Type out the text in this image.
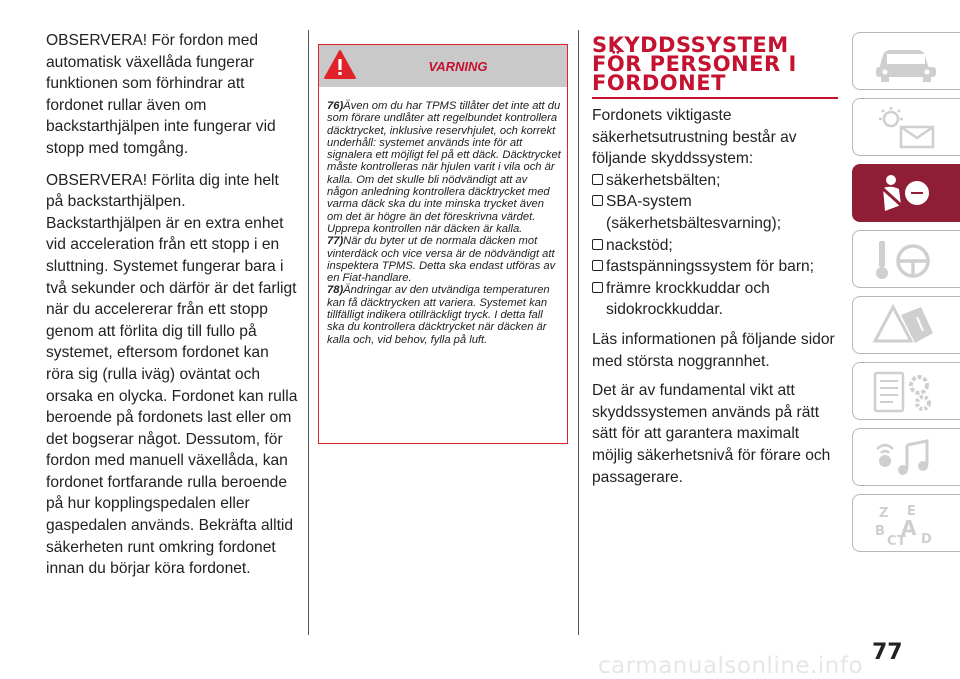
OBSERVERA! För fordon med automatisk växellåda fungerar funktionen som förhindrar att fordonet rullar även om backstarthjälpen inte fungerar vid stopp med tomgång.

OBSERVERA! Förlita dig inte helt på backstarthjälpen. Backstarthjälpen är en extra enhet vid acceleration från ett stopp i en sluttning. Systemet fungerar bara i två sekunder och därför är det farligt när du accelererar från ett stopp genom att förlita dig till fullo på systemet, eftersom fordonet kan röra sig (rulla iväg) oväntat och orsaka en olycka. Fordonet kan rulla beroende på fordonets last eller om det bogserar något. Dessutom, för fordon med manuell växellåda, kan fordonet fortfarande rulla beroende på hur kopplingspedalen eller gaspedalen används. Bekräfta alltid säkerheten runt omkring fordonet innan du börjar köra fordonet.

VARNING

76)Även om du har TPMS tillåter det inte att du som förare undlåter att regelbundet kontrollera däcktrycket, inklusive reservhjulet, och korrekt underhåll: systemet används inte för att signalera ett möjligt fel på ett däck. Däcktrycket måste kontrolleras när hjulen varit i vila och är kalla. Om det skulle bli nödvändigt att av någon anledning kontrollera däcktrycket med varma däck ska du inte minska trycket även om det är högre än det föreskrivna värdet. Upprepa kontrollen när däcken är kalla.

77)När du byter ut de normala däcken mot vinterdäck och vice versa är de nödvändigt att inspektera TPMS. Detta ska endast utföras av en Fiat-handlare.

78)Ändringar av den utvändiga temperaturen kan få däcktrycken att variera. Systemet kan tillfälligt indikera otillräckligt tryck. I detta fall ska du kontrollera däcktrycket när däcken är kalla och, vid behov, fylla på luft.

SKYDDSSYSTEM
FÖR PERSONER I
FORDONET

Fordonets viktigaste säkerhetsutrustning består av följande skyddssystem:

säkerhetsbälten;
SBA-system (säkerhetsbältesvarning);
nackstöd;
fastspänningssystem för barn;
främre krockkuddar och sidokrockkuddar.

Läs informationen på följande sidor med största noggrannhet.

Det är av fundamental vikt att skyddssystemen används på rätt sätt för att garantera maximalt möjlig säkerhetsnivå för förare och passagerare.

Z E
B A
C T D
77
carmanualsonline.info
